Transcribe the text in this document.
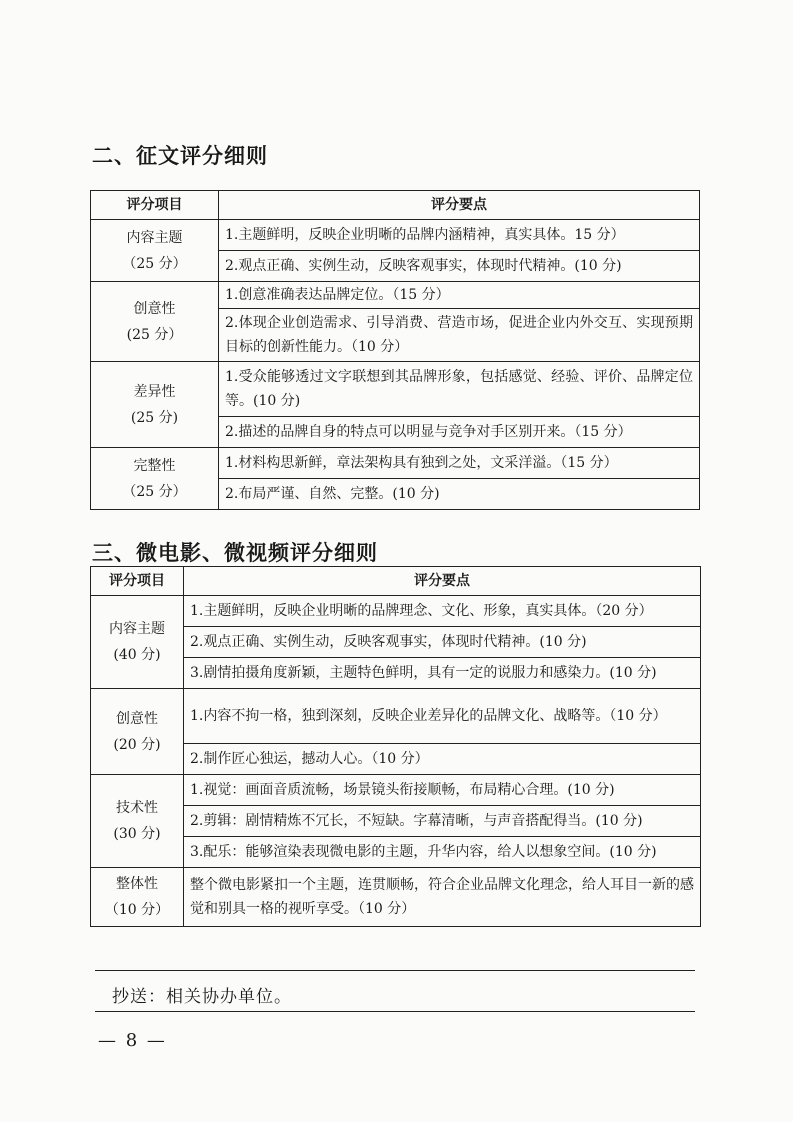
二、征文评分细则
评分项目	评分要点

内容主题
（25 分）	1.主题鲜明，反映企业明晰的品牌内涵精神，真实具体。15 分）
	2.观点正确、实例生动，反映客观事实，体现时代精神。(10 分)

创意性
(25 分）	1.创意准确表达品牌定位。（15 分）
	2.体现企业创造需求、引导消费、营造市场，促进企业内外交互、实现预期目标的创新性能力。（10 分）

差异性
(25 分)	1.受众能够透过文字联想到其品牌形象，包括感觉、经验、评价、品牌定位等。(10 分)
	2.描述的品牌自身的特点可以明显与竞争对手区别开来。（15 分）

完整性
（25 分）	1.材料构思新鲜，章法架构具有独到之处，文采洋溢。（15 分）
	2.布局严谨、自然、完整。(10 分)
三、微电影、微视频评分细则
评分项目	评分要点

内容主题
(40 分)	1.主题鲜明，反映企业明晰的品牌理念、文化、形象，真实具体。（20 分）
	2.观点正确、实例生动，反映客观事实，体现时代精神。(10 分)
	3.剧情拍摄角度新颖，主题特色鲜明，具有一定的说服力和感染力。(10 分)

创意性
(20 分)	1.内容不拘一格，独到深刻，反映企业差异化的品牌文化、战略等。（10 分）
	2.制作匠心独运，撼动人心。（10 分）

技术性
(30 分)	1.视觉：画面音质流畅，场景镜头衔接顺畅，布局精心合理。(10 分)
	2.剪辑：剧情精炼不冗长，不短缺。字幕清晰，与声音搭配得当。(10 分)
	3.配乐：能够渲染表现微电影的主题，升华内容，给人以想象空间。(10 分)

整体性
（10 分）	整个微电影紧扣一个主题，连贯顺畅，符合企业品牌文化理念，给人耳目一新的感觉和别具一格的视听享受。（10 分）
抄送：相关协办单位。
— 8 —
